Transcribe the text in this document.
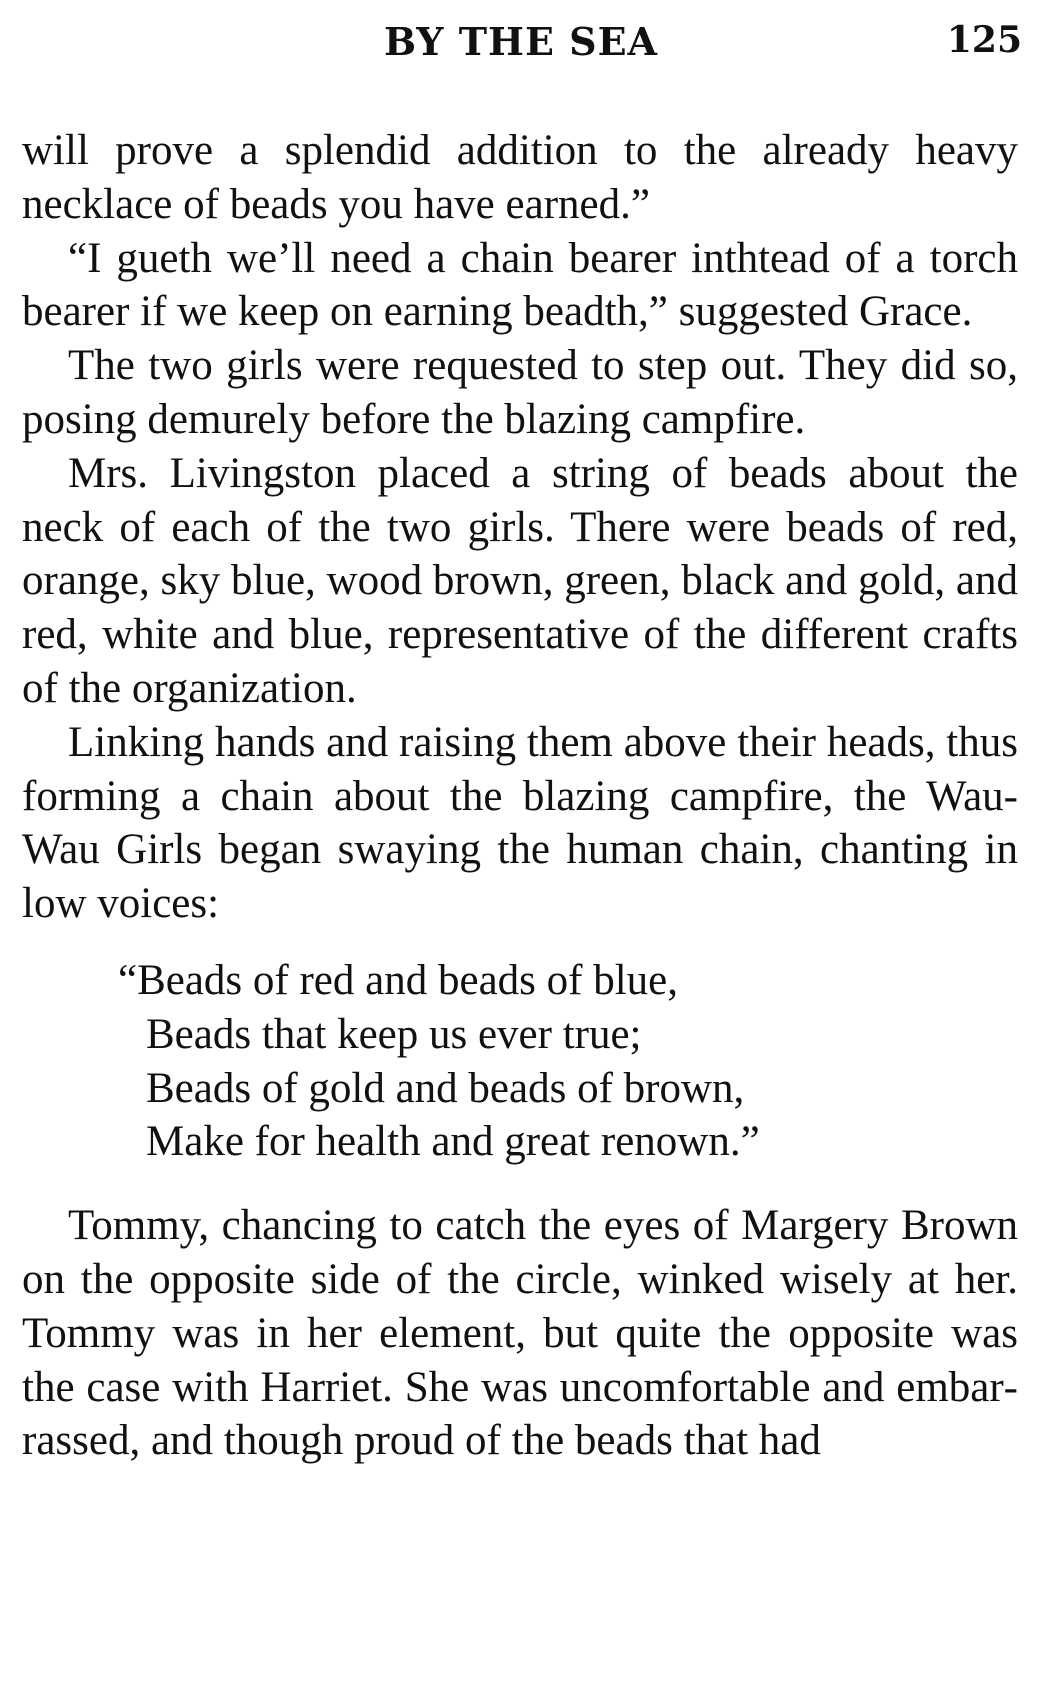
BY THE SEA	125

will prove a splendid addition to the already heavy necklace of beads you have earned.”

“I gueth we’ll need a chain bearer inthtead of a torch bearer if we keep on earning beadth,” suggested Grace.

The two girls were requested to step out. They did so, posing demurely before the blazing campfire.

Mrs. Livingston placed a string of beads about the neck of each of the two girls. There were beads of red, orange, sky blue, wood brown, green, black and gold, and red, white and blue, representative of the different crafts of the organization.

Linking hands and raising them above their heads, thus forming a chain about the blazing campfire, the Wau-Wau Girls began swaying the human chain, chanting in low voices:

“Beads of red and beads of blue,
Beads that keep us ever true;
Beads of gold and beads of brown,
Make for health and great renown.”

Tommy, chancing to catch the eyes of Margery Brown on the opposite side of the circle, winked wisely at her. Tommy was in her element, but quite the opposite was the case with Harriet. She was uncomfortable and embarrassed, and though proud of the beads that had
